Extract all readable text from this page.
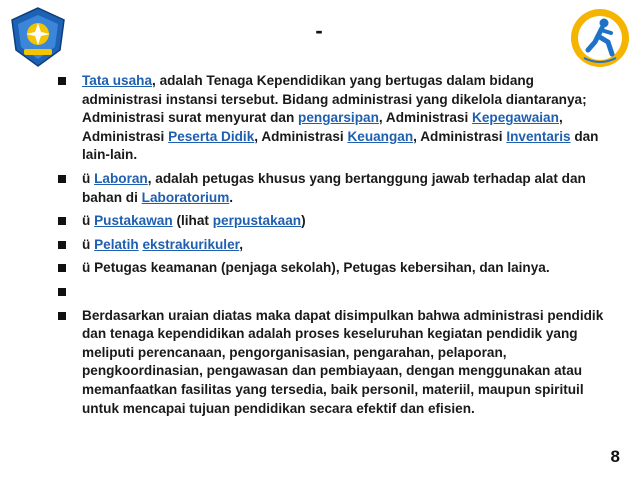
-
Tata usaha, adalah Tenaga Kependidikan yang bertugas dalam bidang administrasi instansi tersebut. Bidang administrasi yang dikelola diantaranya; Administrasi surat menyurat dan pengarsipan, Administrasi Kepegawaian, Administrasi Peserta Didik, Administrasi Keuangan, Administrasi Inventaris dan lain-lain.
ü Laboran, adalah petugas khusus yang bertanggung jawab terhadap alat dan bahan di Laboratorium.
ü Pustakawan (lihat perpustakaan)
ü Pelatih ekstrakurikuler,
ü Petugas keamanan (penjaga sekolah), Petugas kebersihan, dan lainya.
Berdasarkan uraian diatas maka dapat disimpulkan bahwa administrasi pendidik dan tenaga kependidikan adalah proses keseluruhan kegiatan pendidik yang meliputi perencanaan, pengorganisasian, pengarahan, pelaporan, pengkoordinasian, pengawasan dan pembiayaan, dengan menggunakan atau memanfaatkan fasilitas yang tersedia, baik personil, materiil, maupun spirituil untuk mencapai tujuan pendidikan secara efektif dan efisien.
8
